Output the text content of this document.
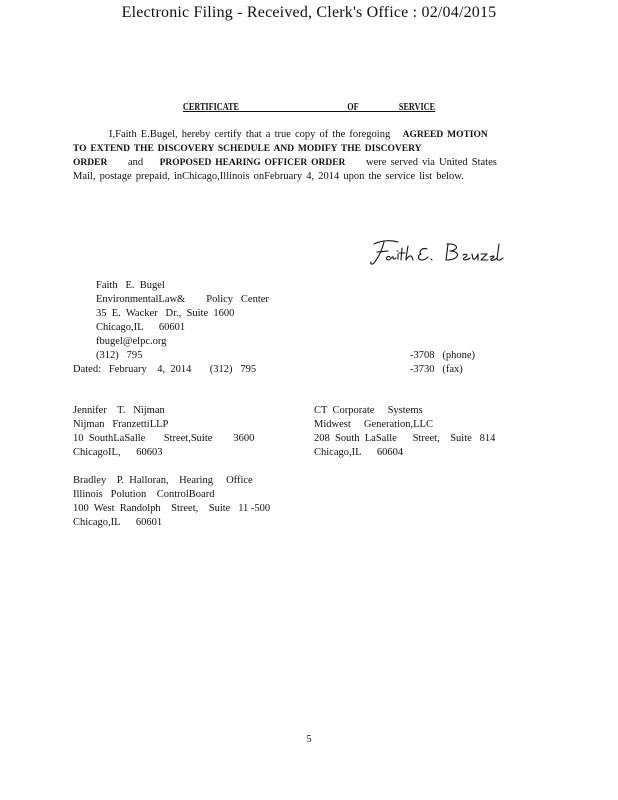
Electronic Filing - Received, Clerk's Office : 02/04/2015
CERTIFICATE        OF   SERVICE
I,Faith E.Bugel, hereby certify that a true copy of the foregoing AGREED MOTION
TO EXTEND THE DISCOVERY SCHEDULE AND MODIFY THE DISCOVERY
ORDER and PROPOSED HEARING OFFICER ORDER were served via United States
Mail, postage prepaid, inChicago,Illinois onFebruary 4, 2014 upon the service list below.
Faith   E.  Bugel
EnvironmentalLaw&        Policy   Center
35  E.  Wacker   Dr.,  Suite  1600
Chicago,IL      60601
fbugel@elpc.org
(312)   795	-3708   (phone)
Dated:   February    4,  2014       (312)   795	-3730   (fax)
Jennifer    T.   Nijman
Nijman   FranzettiLLP
10  SouthLaSalle       Street,Suite        3600
ChicagoIL,      60603
CT  Corporate     Systems
Midwest     Generation,LLC
208  South  LaSalle      Street,    Suite   814
Chicago,IL      60604
Bradley    P.  Halloran,    Hearing     Office
Illinois   Polution    ControlBoard
100  West  Randolph    Street,    Suite   11 -500
Chicago,IL      60601
5
